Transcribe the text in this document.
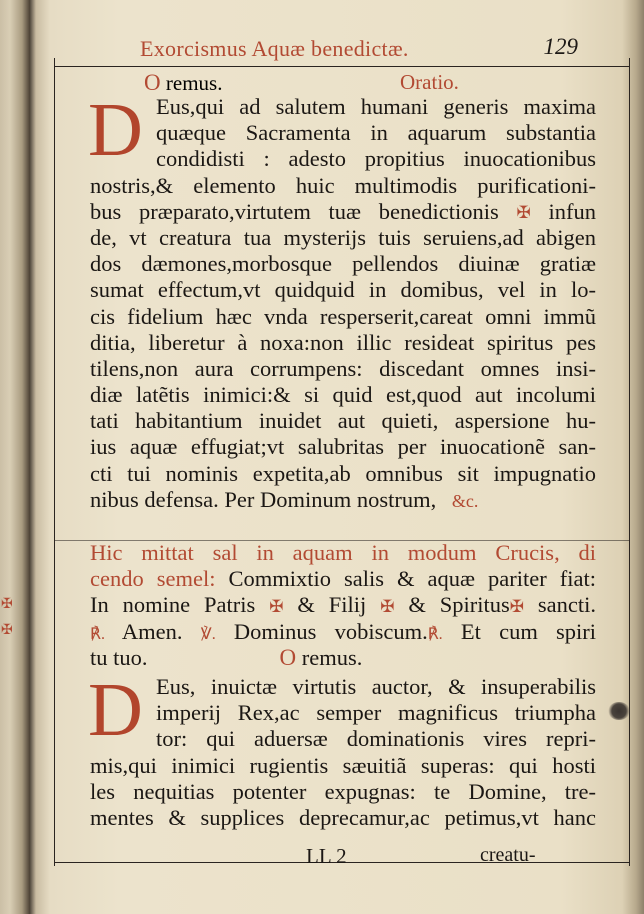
✠
✠
Exorcismus Aquæ benedictæ.	129
O remus.	Oratio.
D Eus,qui ad salutem humani generis maxima
quæque Sacramenta in aquarum substantia
condidisti : adesto propitius inuocationibus
nostris,& elemento huic multimodis purificationi-
bus præparato,virtutem tuæ benedictionis ✠ infun
de, vt creatura tua mysterijs tuis seruiens,ad abigen
dos dæmones,morbosque pellendos diuinæ gratiæ
sumat effectum,vt quidquid in domibus, vel in lo-
cis fidelium hæc vnda resperserit,careat omni immũ
ditia, liberetur à noxa:non illic resideat spiritus pes
tilens,non aura corrumpens: discedant omnes insi-
diæ latẽtis inimici:& si quid est,quod aut incolumi
tati habitantium inuidet aut quieti, aspersione hu-
ius aquæ effugiat;vt salubritas per inuocationẽ san-
cti tui nominis expetita,ab omnibus sit impugnatio
nibus defensa. Per Dominum nostrum, &c.
Hic mittat sal in aquam in modum Crucis, di
cendo semel: Commixtio salis & aquæ pariter fiat:
In nomine Patris ✠ & Filij ✠ & Spiritus✠ sancti.
℟. Amen. ℣. Dominus vobiscum.℟. Et cum spiri
tu tuo.	O remus.
D Eus, inuictæ virtutis auctor, & insuperabilis
imperij Rex,ac semper magnificus triumpha
tor: qui aduersæ dominationis vires repri-
mis,qui inimici rugientis sæuitiã superas: qui hosti
les nequitias potenter expugnas: te Domine, tre-
mentes & supplices deprecamur,ac petimus,vt hanc
LL 2	creatu-
